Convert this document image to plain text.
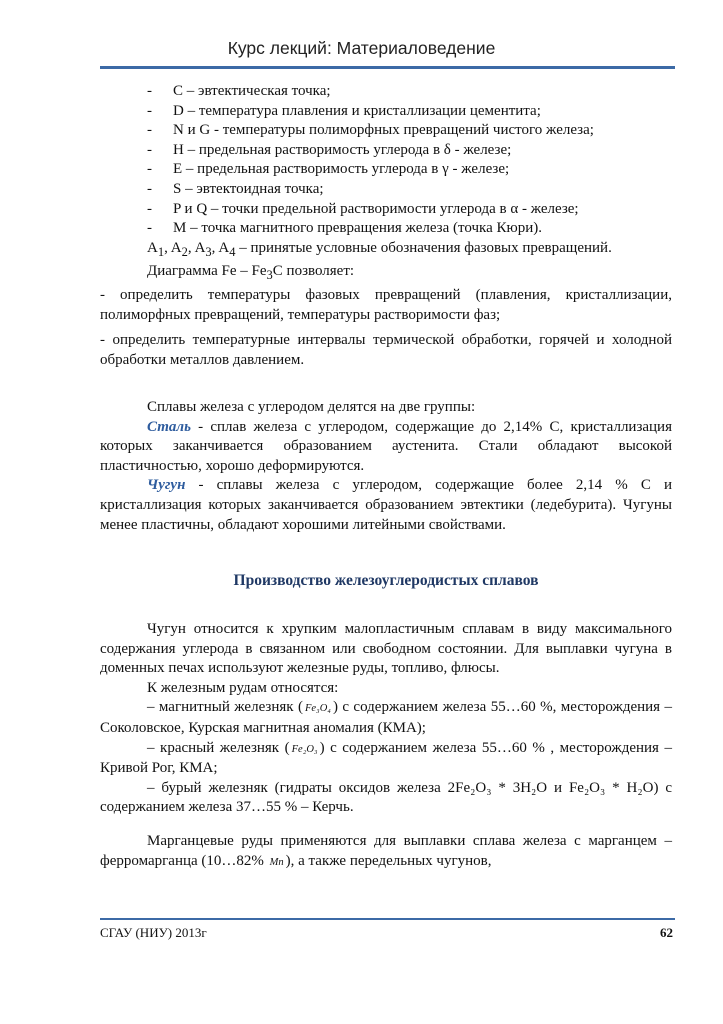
Курс лекций: Материаловедение
-	C – эвтектическая точка;
-	D – температура плавления и кристаллизации цементита;
-	N и G - температуры полиморфных превращений чистого железа;
-	H – предельная растворимость углерода в δ - железе;
-	E – предельная растворимость углерода в γ - железе;
-	S – эвтектоидная точка;
-	P и Q – точки предельной растворимости углерода в α - железе;
-	M – точка магнитного превращения железа (точка Кюри).
$A_1$, $A_2$, $A_3$, $A_4$ – принятые условные обозначения фазовых превращений.
Диаграмма Fe – $Fe_3C$ позволяет:
- определить температуры фазовых превращений (плавления, кристаллизации, полиморфных превращений, температуры растворимости фаз;
- определить температурные интервалы термической обработки, горячей и холодной обработки металлов давлением.
Сплавы железа с углеродом делятся на две группы:
Сталь - сплав железа с углеродом, содержащие до 2,14% С, кристаллизация которых заканчивается образованием аустенита. Стали обладают высокой пластичностью, хорошо деформируются.
Чугун - сплавы железа с углеродом, содержащие более 2,14 % С и кристаллизация которых заканчивается образованием эвтектики (ледебурита). Чугуны менее пластичны, обладают хорошими литейными свойствами.
Производство железоуглеродистых сплавов
Чугун относится к хрупким малопластичным сплавам в виду максимального содержания углерода в связанном или свободном состоянии. Для выплавки чугуна в доменных печах используют железные руды, топливо, флюсы.
К железным рудам относятся:
– магнитный железняк ( Fe₃O₄ ) с содержанием железа 55…60 %, месторождения – Соколовское, Курская магнитная аномалия (КМА);
– красный железняк ( Fe₂O₃ ) с содержанием железа 55…60 % , месторождения – Кривой Рог, КМА;
– бурый железняк (гидраты оксидов железа 2Fe₂O₃ * 3H₂O и Fe₂O₃ * H₂O) с содержанием железа 37…55 % – Керчь.
Марганцевые руды применяются для выплавки сплава железа с марганцем – ферромарганца (10…82% Mn ), а также передельных чугунов,
СГАУ (НИУ) 2013г	62
